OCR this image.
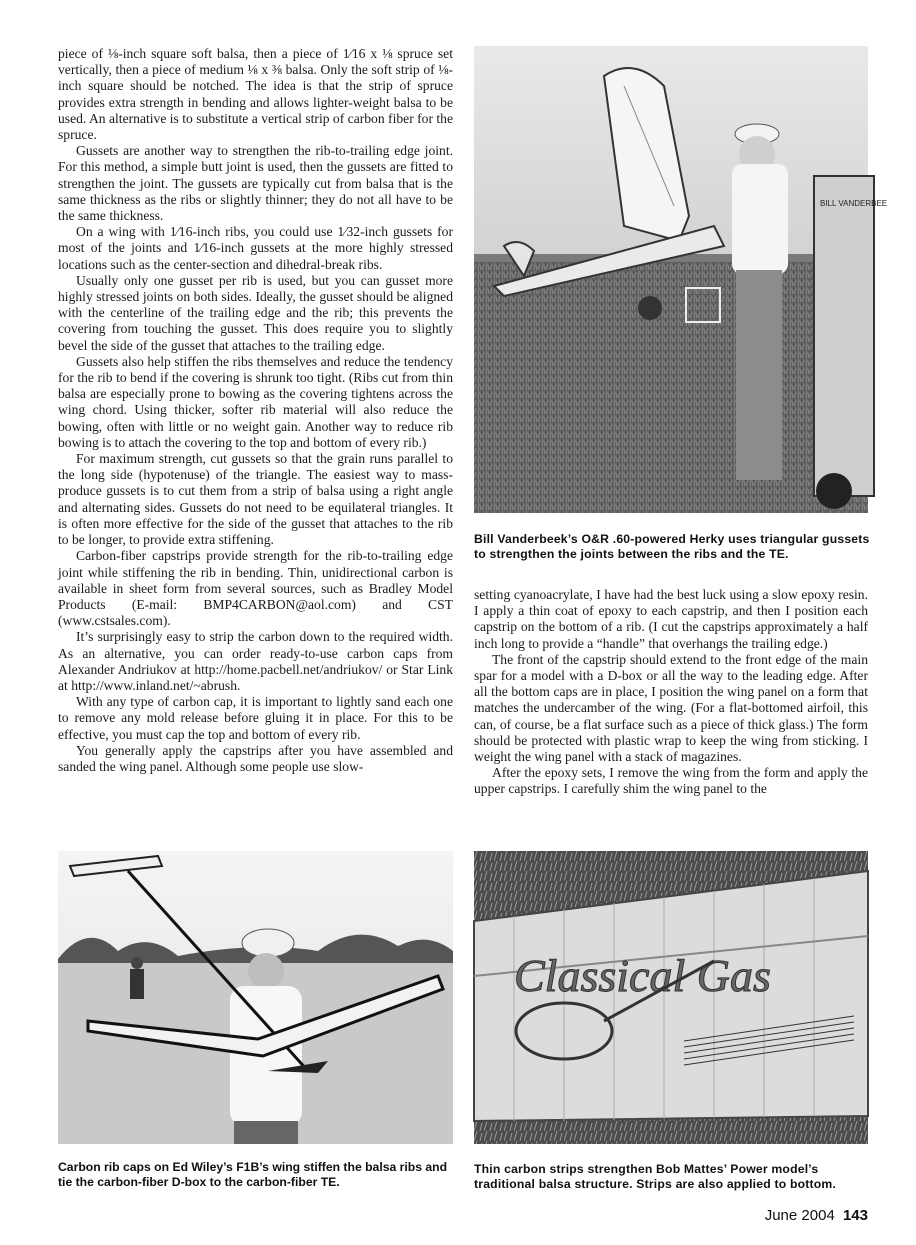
piece of ⅛-inch square soft balsa, then a piece of 1⁄16 x ⅛ spruce set vertically, then a piece of medium ⅛ x ⅜ balsa. Only the soft strip of ⅛-inch square should be notched. The idea is that the strip of spruce provides extra strength in bending and allows lighter-weight balsa to be used. An alternative is to substitute a vertical strip of carbon fiber for the spruce.

Gussets are another way to strengthen the rib-to-trailing edge joint. For this method, a simple butt joint is used, then the gussets are fitted to strengthen the joint. The gussets are typically cut from balsa that is the same thickness as the ribs or slightly thinner; they do not all have to be the same thickness.

On a wing with 1⁄16-inch ribs, you could use 1⁄32-inch gussets for most of the joints and 1⁄16-inch gussets at the more highly stressed locations such as the center-section and dihedral-break ribs.

Usually only one gusset per rib is used, but you can gusset more highly stressed joints on both sides. Ideally, the gusset should be aligned with the centerline of the trailing edge and the rib; this prevents the covering from touching the gusset. This does require you to slightly bevel the side of the gusset that attaches to the trailing edge.

Gussets also help stiffen the ribs themselves and reduce the tendency for the rib to bend if the covering is shrunk too tight. (Ribs cut from thin balsa are especially prone to bowing as the covering tightens across the wing chord. Using thicker, softer rib material will also reduce the bowing, often with little or no weight gain. Another way to reduce rib bowing is to attach the covering to the top and bottom of every rib.)

For maximum strength, cut gussets so that the grain runs parallel to the long side (hypotenuse) of the triangle. The easiest way to mass-produce gussets is to cut them from a strip of balsa using a right angle and alternating sides. Gussets do not need to be equilateral triangles. It is often more effective for the side of the gusset that attaches to the rib to be longer, to provide extra stiffening.

Carbon-fiber capstrips provide strength for the rib-to-trailing edge joint while stiffening the rib in bending. Thin, unidirectional carbon is available in sheet form from several sources, such as Bradley Model Products (E-mail: BMP4CARBON@aol.com) and CST (www.cstsales.com).

It’s surprisingly easy to strip the carbon down to the required width. As an alternative, you can order ready-to-use carbon caps from Alexander Andriukov at http://home.pacbell.net/andriukov/ or Star Link at http://www.inland.net/~abrush.

With any type of carbon cap, it is important to lightly sand each one to remove any mold release before gluing it in place. For this to be effective, you must cap the top and bottom of every rib.

You generally apply the capstrips after you have assembled and sanded the wing panel. Although some people use slow-

setting cyanoacrylate, I have had the best luck using a slow epoxy resin. I apply a thin coat of epoxy to each capstrip, and then I position each capstrip on the bottom of a rib. (I cut the capstrips approximately a half inch long to provide a “handle” that overhangs the trailing edge.)

The front of the capstrip should extend to the front edge of the main spar for a model with a D-box or all the way to the leading edge. After all the bottom caps are in place, I position the wing panel on a form that matches the undercamber of the wing. (For a flat-bottomed airfoil, this can, of course, be a flat surface such as a piece of thick glass.) The form should be protected with plastic wrap to keep the wing from sticking. I weight the wing panel with a stack of magazines.

After the epoxy sets, I remove the wing from the form and apply the upper capstrips. I carefully shim the wing panel to the

BILL VANDERBEE
Bill Vanderbeek’s O&R .60-powered Herky uses triangular gussets to strengthen the joints between the ribs and the TE.
Carbon rib caps on Ed Wiley’s F1B’s wing stiffen the balsa ribs and tie the carbon-fiber D-box to the carbon-fiber TE.
Classical Gas
Thin carbon strips strengthen Bob Mattes’ Power model’s traditional balsa structure. Strips are also applied to bottom.
June 2004 143
